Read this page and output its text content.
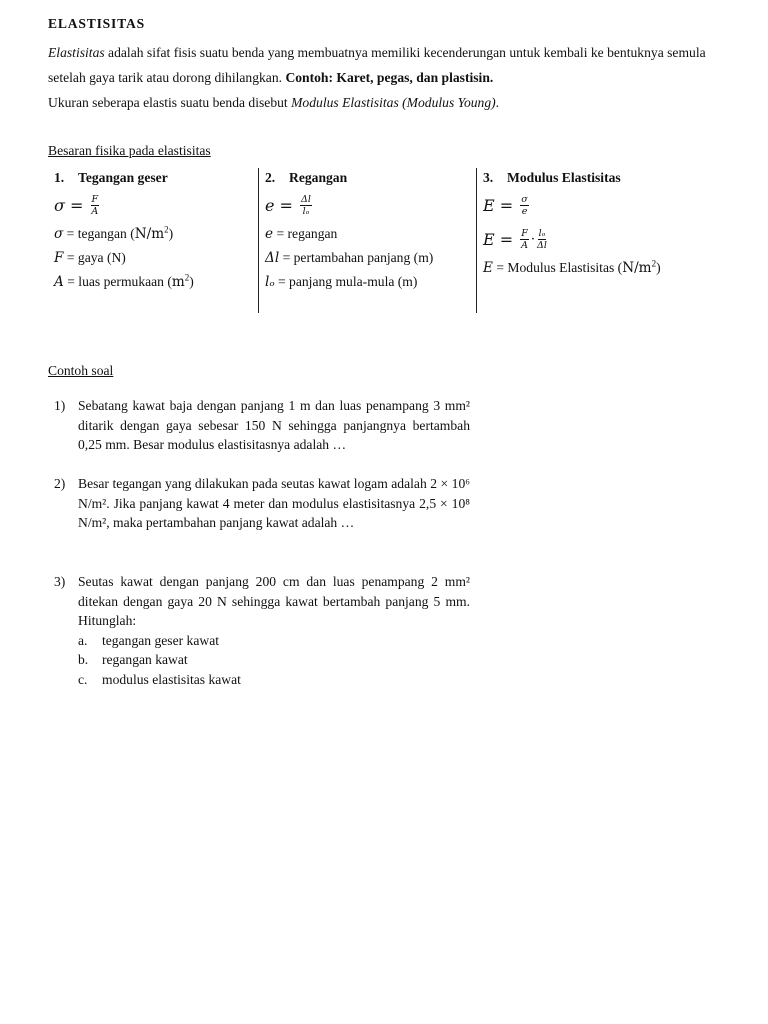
ELASTISITAS
Elastisitas adalah sifat fisis suatu benda yang membuatnya memiliki kecenderungan untuk kembali ke bentuknya semula setelah gaya tarik atau dorong dihilangkan. Contoh: Karet, pegas, dan plastisin.
Ukuran seberapa elastis suatu benda disebut Modulus Elastisitas (Modulus Young).
Besaran fisika pada elastisitas
1. Tegangan geser
$\sigma = \frac{F}{A}$
σ = tegangan $(N/m^2)$
F = gaya (N)
A = luas permukaan $(m^2)$
2. Regangan
$e = \frac{\Delta l}{\text{lₒ}}$
e = regangan
Δl = pertambahan panjang (m)
lₒ = panjang mula-mula (m)
3. Modulus Elastisitas
$E = \frac{\sigma}{e}$
$E = \frac{F}{A} \cdot \frac{\text{lₒ}}{\Delta l}$
E = Modulus Elastisitas $(N/m^2)$
Contoh soal
1) Sebatang kawat baja dengan panjang 1 m dan luas penampang 3 mm² ditarik dengan gaya sebesar 150 N sehingga panjangnya bertambah 0,25 mm. Besar modulus elastisitasnya adalah …
2) Besar tegangan yang dilakukan pada seutas kawat logam adalah 2 × 10⁶ N/m². Jika panjang kawat 4 meter dan modulus elastisitasnya 2,5 × 10⁸ N/m², maka pertambahan panjang kawat adalah …
3) Seutas kawat dengan panjang 200 cm dan luas penampang 2 mm² ditekan dengan gaya 20 N sehingga kawat bertambah panjang 5 mm. Hitunglah:
a. tegangan geser kawat
b. regangan kawat
c. modulus elastisitas kawat
